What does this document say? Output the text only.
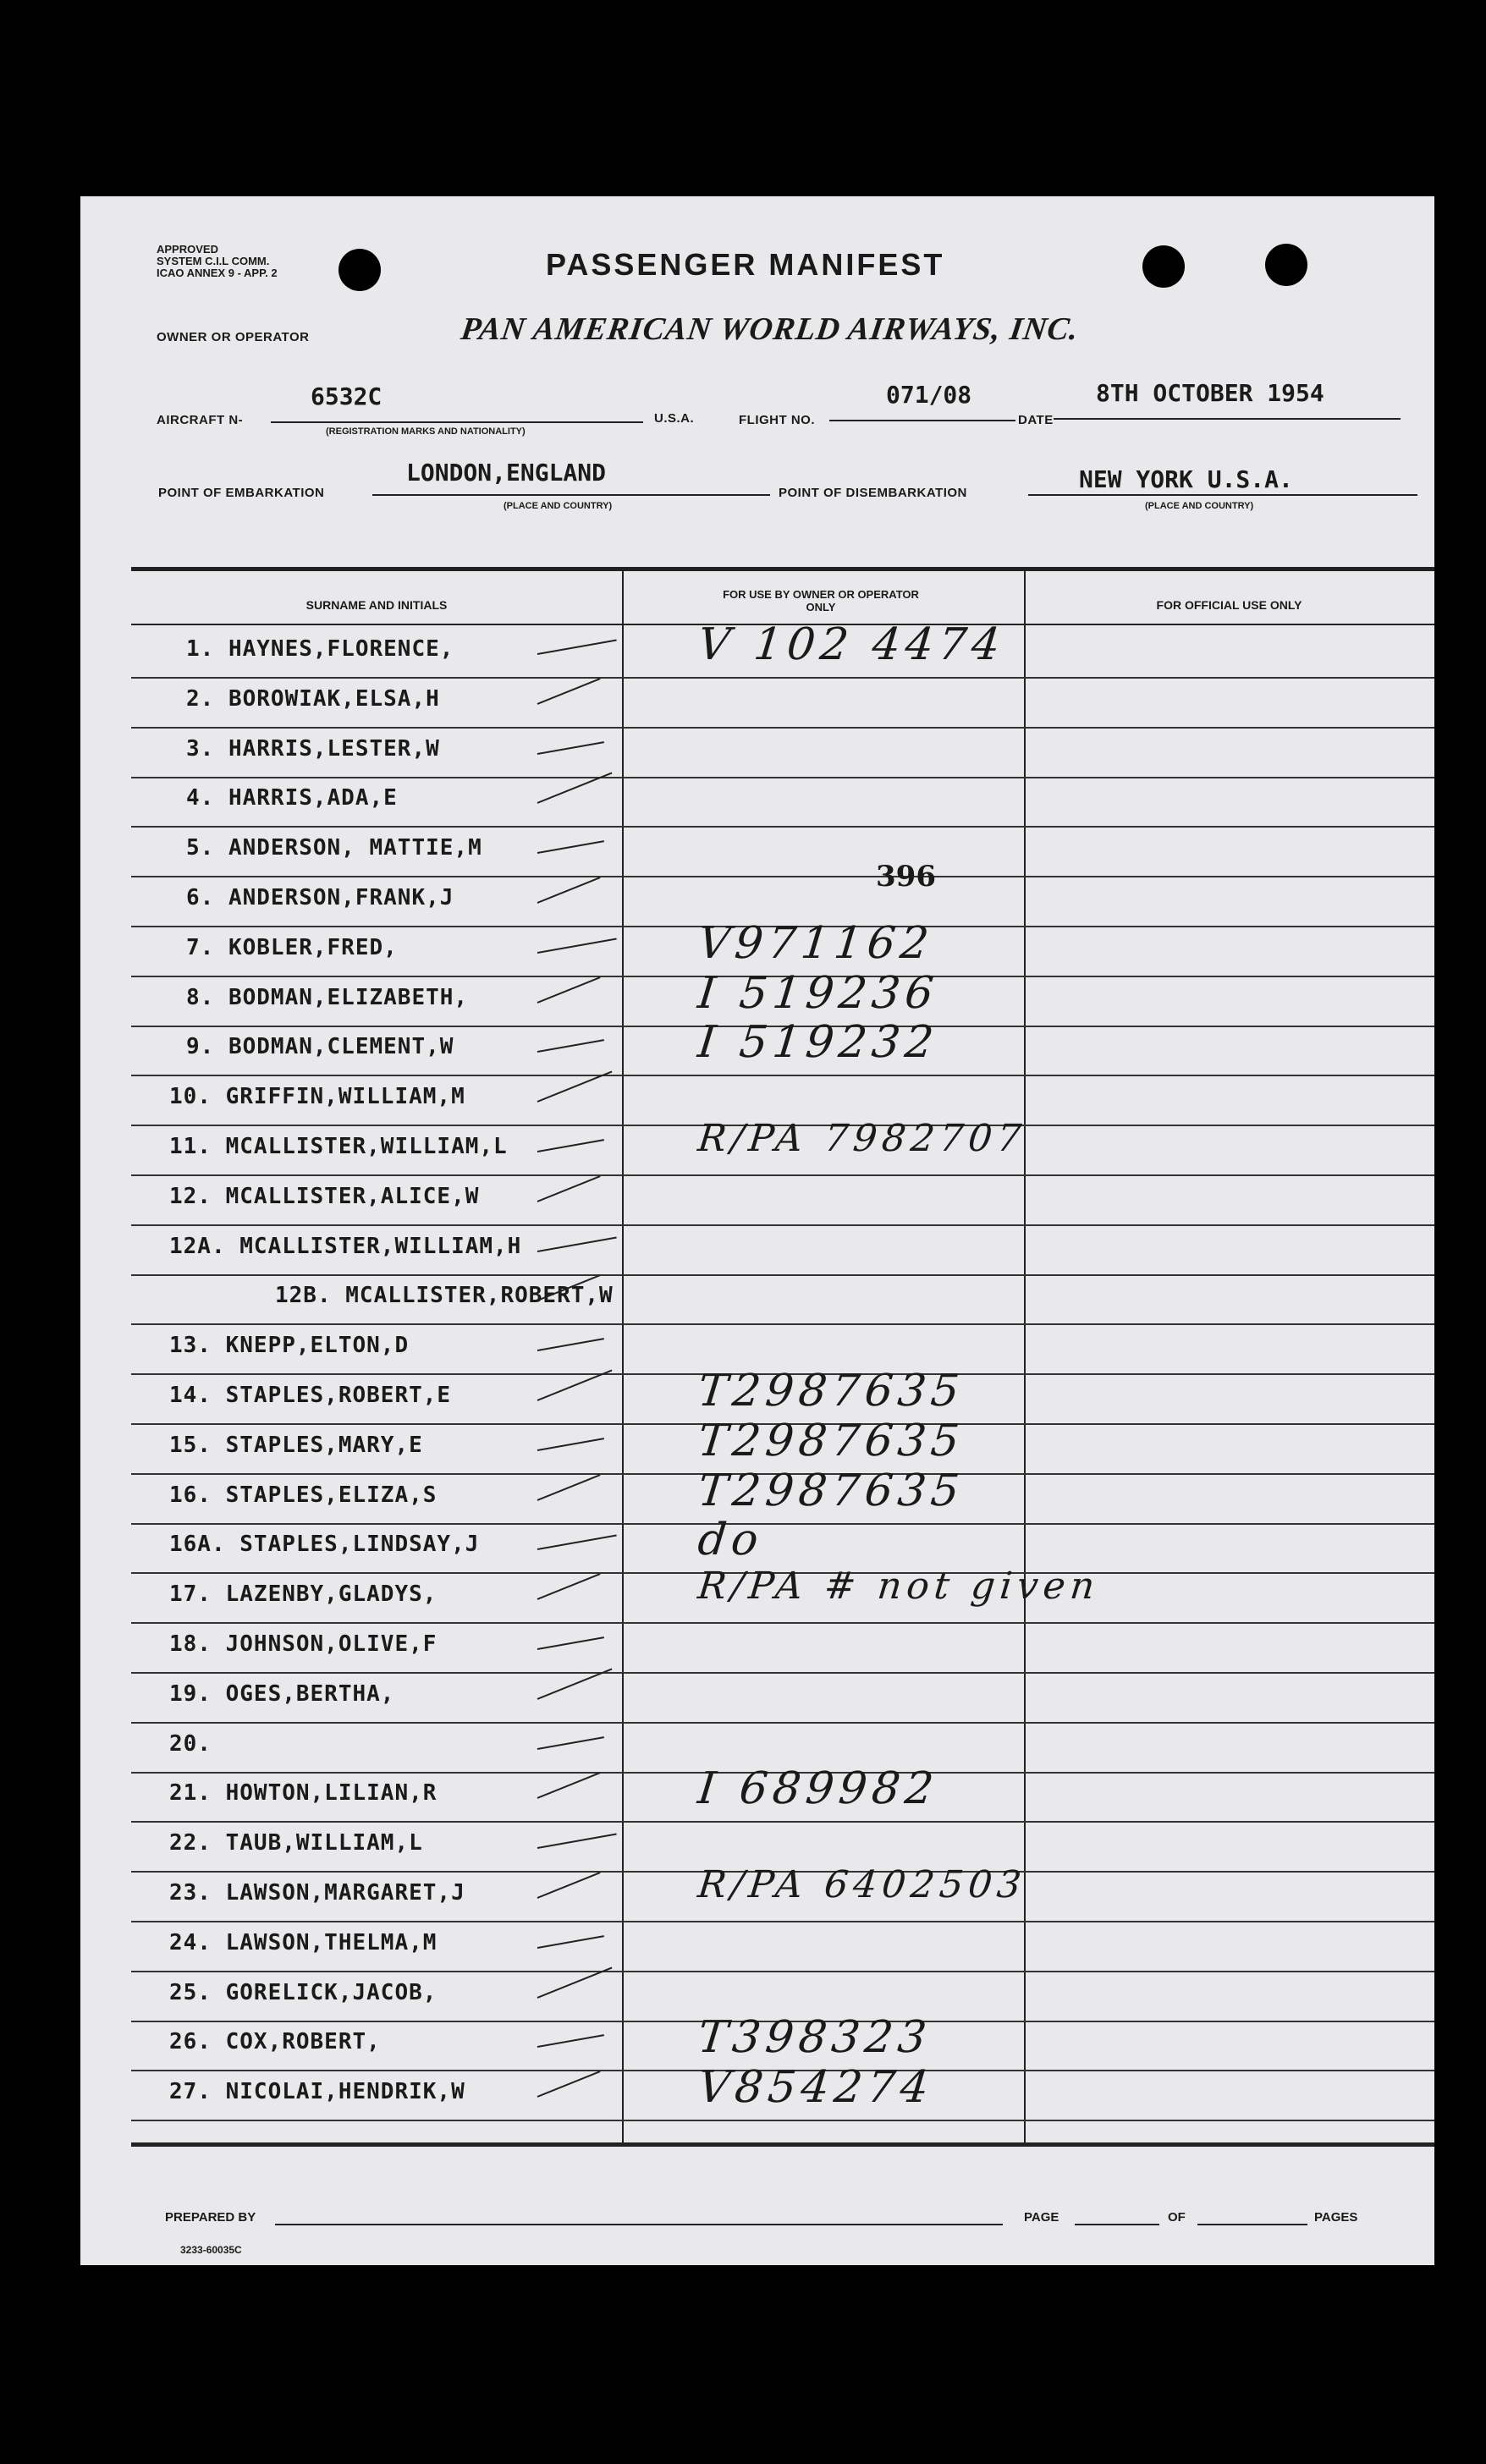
APPROVED
SYSTEM C.I.L COMM.
ICAO ANNEX 9 - APP. 2	PASSENGER MANIFEST
OWNER OR OPERATOR	PAN AMERICAN WORLD AIRWAYS, INC.
AIRCRAFT N-
6532C
(REGISTRATION MARKS AND NATIONALITY)
U.S.A.	FLIGHT NO.
071/08
DATE
8TH OCTOBER 1954
POINT OF EMBARKATION
LONDON,ENGLAND
(PLACE AND COUNTRY)
POINT OF DISEMBARKATION	NEW YORK U.S.A.
(PLACE AND COUNTRY)
SURNAME AND INITIALS
FOR USE BY OWNER OR OPERATOR ONLY	FOR OFFICIAL USE ONLY
1. HAYNES,FLORENCE,	V 102 4474
2. BOROWIAK,ELSA,H
3. HARRIS,LESTER,W
4. HARRIS,ADA,E
5. ANDERSON, MATTIE,M
6. ANDERSON,FRANK,J
7. KOBLER,FRED,	V971162
8. BODMAN,ELIZABETH,	I 519236
9. BODMAN,CLEMENT,W	I 519232
10. GRIFFIN,WILLIAM,M
11. MCALLISTER,WILLIAM,L	R/PA 7982707
12. MCALLISTER,ALICE,W
12A. MCALLISTER,WILLIAM,H
12B. MCALLISTER,ROBERT,W
13. KNEPP,ELTON,D
14. STAPLES,ROBERT,E	T2987635
15. STAPLES,MARY,E	T2987635
16. STAPLES,ELIZA,S	T2987635
16A. STAPLES,LINDSAY,J	do
17. LAZENBY,GLADYS,	R/PA # not given
18. JOHNSON,OLIVE,F
19. OGES,BERTHA,
20.
21. HOWTON,LILIAN,R	I 689982
22. TAUB,WILLIAM,L
23. LAWSON,MARGARET,J	R/PA 6402503
24. LAWSON,THELMA,M
25. GORELICK,JACOB,
26. COX,ROBERT,	T398323
27. NICOLAI,HENDRIK,W	V854274
396
PREPARED BY	PAGE	OF	PAGES
3233-60035C
